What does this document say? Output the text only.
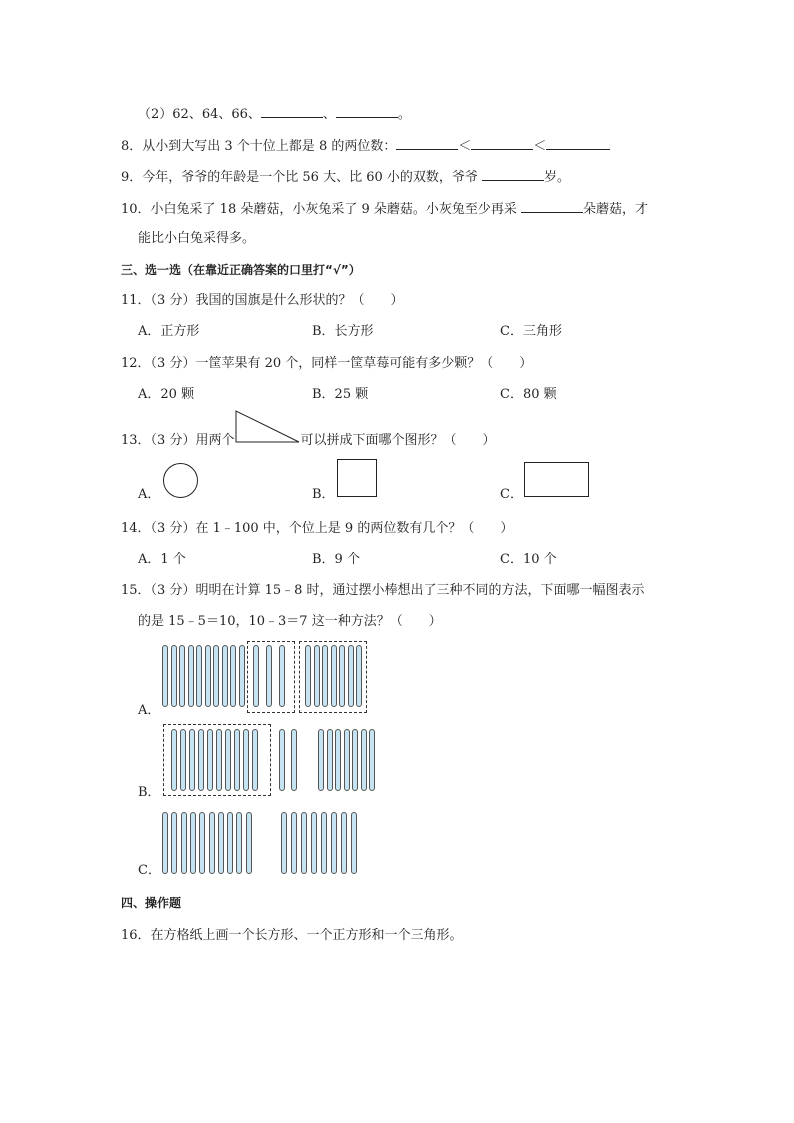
（2）62、64、66、	、	。
8．从小到大写出 3 个十位上都是 8 的两位数：	＜	＜
9．今年，爷爷的年龄是一个比 56 大、比 60 小的双数，爷爷	岁。
10．小白兔采了 18 朵蘑菇，小灰兔采了 9 朵蘑菇。小灰兔至少再采	朵蘑菇，才
能比小白兔采得多。
三、选一选（在靠近正确答案的口里打“√”）
11．（3 分）我国的国旗是什么形状的？（　　）
A．正方形	B．长方形	C．三角形
12．（3 分）一筐苹果有 20 个，同样一筐草莓可能有多少颗？（　　）
A．20 颗	B．25 颗	C．80 颗
13．（3 分）用两个	可以拼成下面哪个图形？（　　）
A．	B．	C．
14．（3 分）在 1﹣100 中，个位上是 9 的两位数有几个？（　　）
A．1 个	B．9 个	C．10 个
15．（3 分）明明在计算 15﹣8 时，通过摆小棒想出了三种不同的方法，下面哪一幅图表示
的是 15﹣5＝10，10﹣3＝7 这一种方法？（　　）
A．
B．
C．
四、操作题
16．在方格纸上画一个长方形、一个正方形和一个三角形。
